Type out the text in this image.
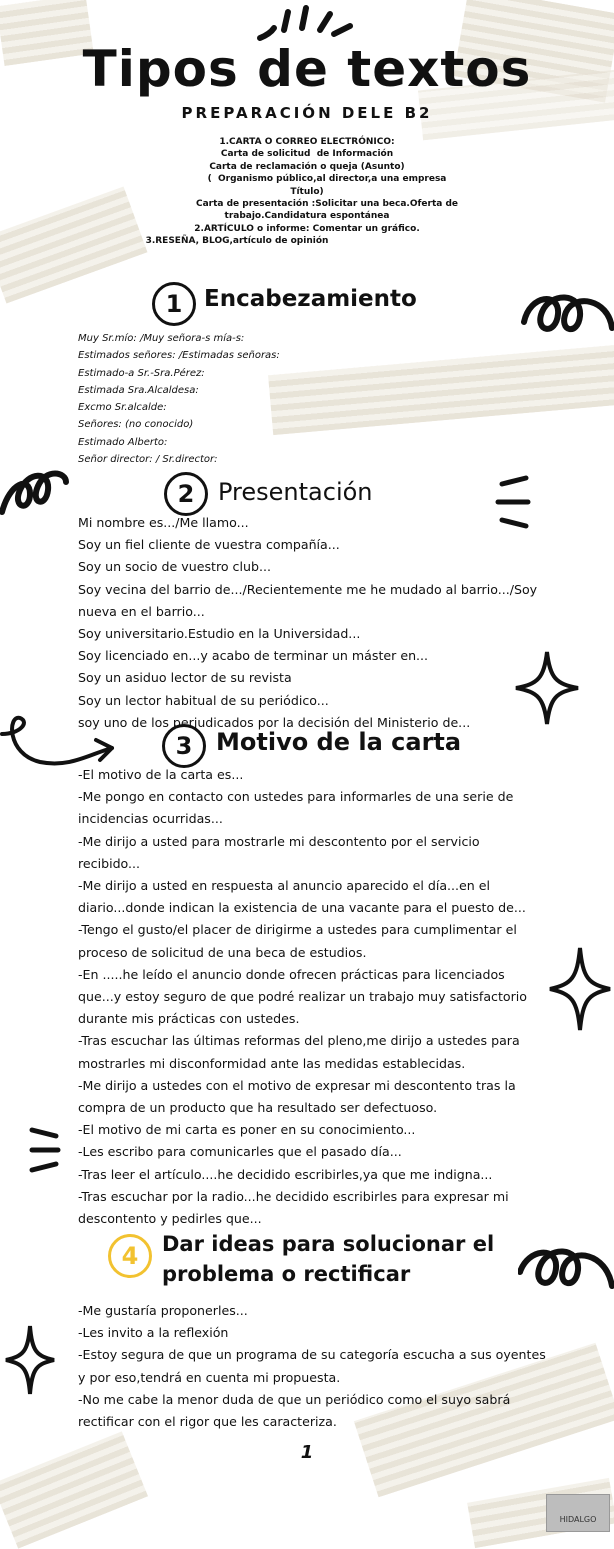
Tipos de textos
PREPARACIÓN DELE B2
1.CARTA O CORREO ELECTRÓNICO:
Carta de solicitud  de Información
Carta de reclamación o queja (Asunto)
(  Organismo público,al director,a una empresa
Título)
Carta de presentación :Solicitar una beca.Oferta de
trabajo.Candidatura espontánea
2.ARTÍCULO o informe: Comentar un gráfico.
3.RESEÑA, BLOG,artículo de opinión
1 Encabezamiento
Muy Sr.mío: /Muy señora-s mía-s:
Estimados señores: /Estimadas señoras:
Estimado-a Sr.-Sra.Pérez:
Estimada Sra.Alcaldesa:
Excmo Sr.alcalde:
Señores: (no conocido)
Estimado Alberto:
Señor director: / Sr.director:
2 Presentación
Mi nombre es.../Me llamo...
Soy un fiel cliente de vuestra compañía...
Soy un socio de vuestro club...
Soy vecina del barrio de.../Recientemente me he mudado al barrio.../Soy
nueva en el barrio...
Soy universitario.Estudio en la Universidad...
Soy licenciado en...y acabo de terminar un máster en...
Soy un asiduo lector de su revista
Soy un lector habitual de su periódico...
soy uno de los perjudicados por la decisión del Ministerio de...
3 Motivo de la carta
-El motivo de la carta es...
-Me pongo en contacto con ustedes para informarles de una serie de
incidencias ocurridas...
-Me dirijo a usted para mostrarle mi descontento por el servicio
recibido...
-Me dirijo a usted en respuesta al anuncio aparecido el día...en el
diario...donde indican la existencia de una vacante para el puesto de...
-Tengo el gusto/el placer de dirigirme a ustedes para cumplimentar el
proceso de solicitud de una beca de estudios.
-En .....he leído el anuncio donde ofrecen prácticas para licenciados
que...y estoy seguro de que podré realizar un trabajo muy satisfactorio
durante mis prácticas con ustedes.
-Tras escuchar las últimas reformas del pleno,me dirijo a ustedes para
mostrarles mi disconformidad ante las medidas establecidas.
-Me dirijo a ustedes con el motivo de expresar mi descontento tras la
compra de un producto que ha resultado ser defectuoso.
-El motivo de mi carta es poner en su conocimiento...
-Les escribo para comunicarles que el pasado día...
-Tras leer el artículo....he decidido escribirles,ya que me indigna...
-Tras escuchar por la radio...he decidido escribirles para expresar mi
descontento y pedirles que...
4	Dar ideas para solucionar el
problema o rectificar
-Me gustaría proponerles...
-Les invito a la reflexión
-Estoy segura de que un programa de su categoría escucha a sus oyentes
y por eso,tendrá en cuenta mi propuesta.
-No me cabe la menor duda de que un periódico como el suyo sabrá
rectificar con el rigor que les caracteriza.
1
HIDALGO
